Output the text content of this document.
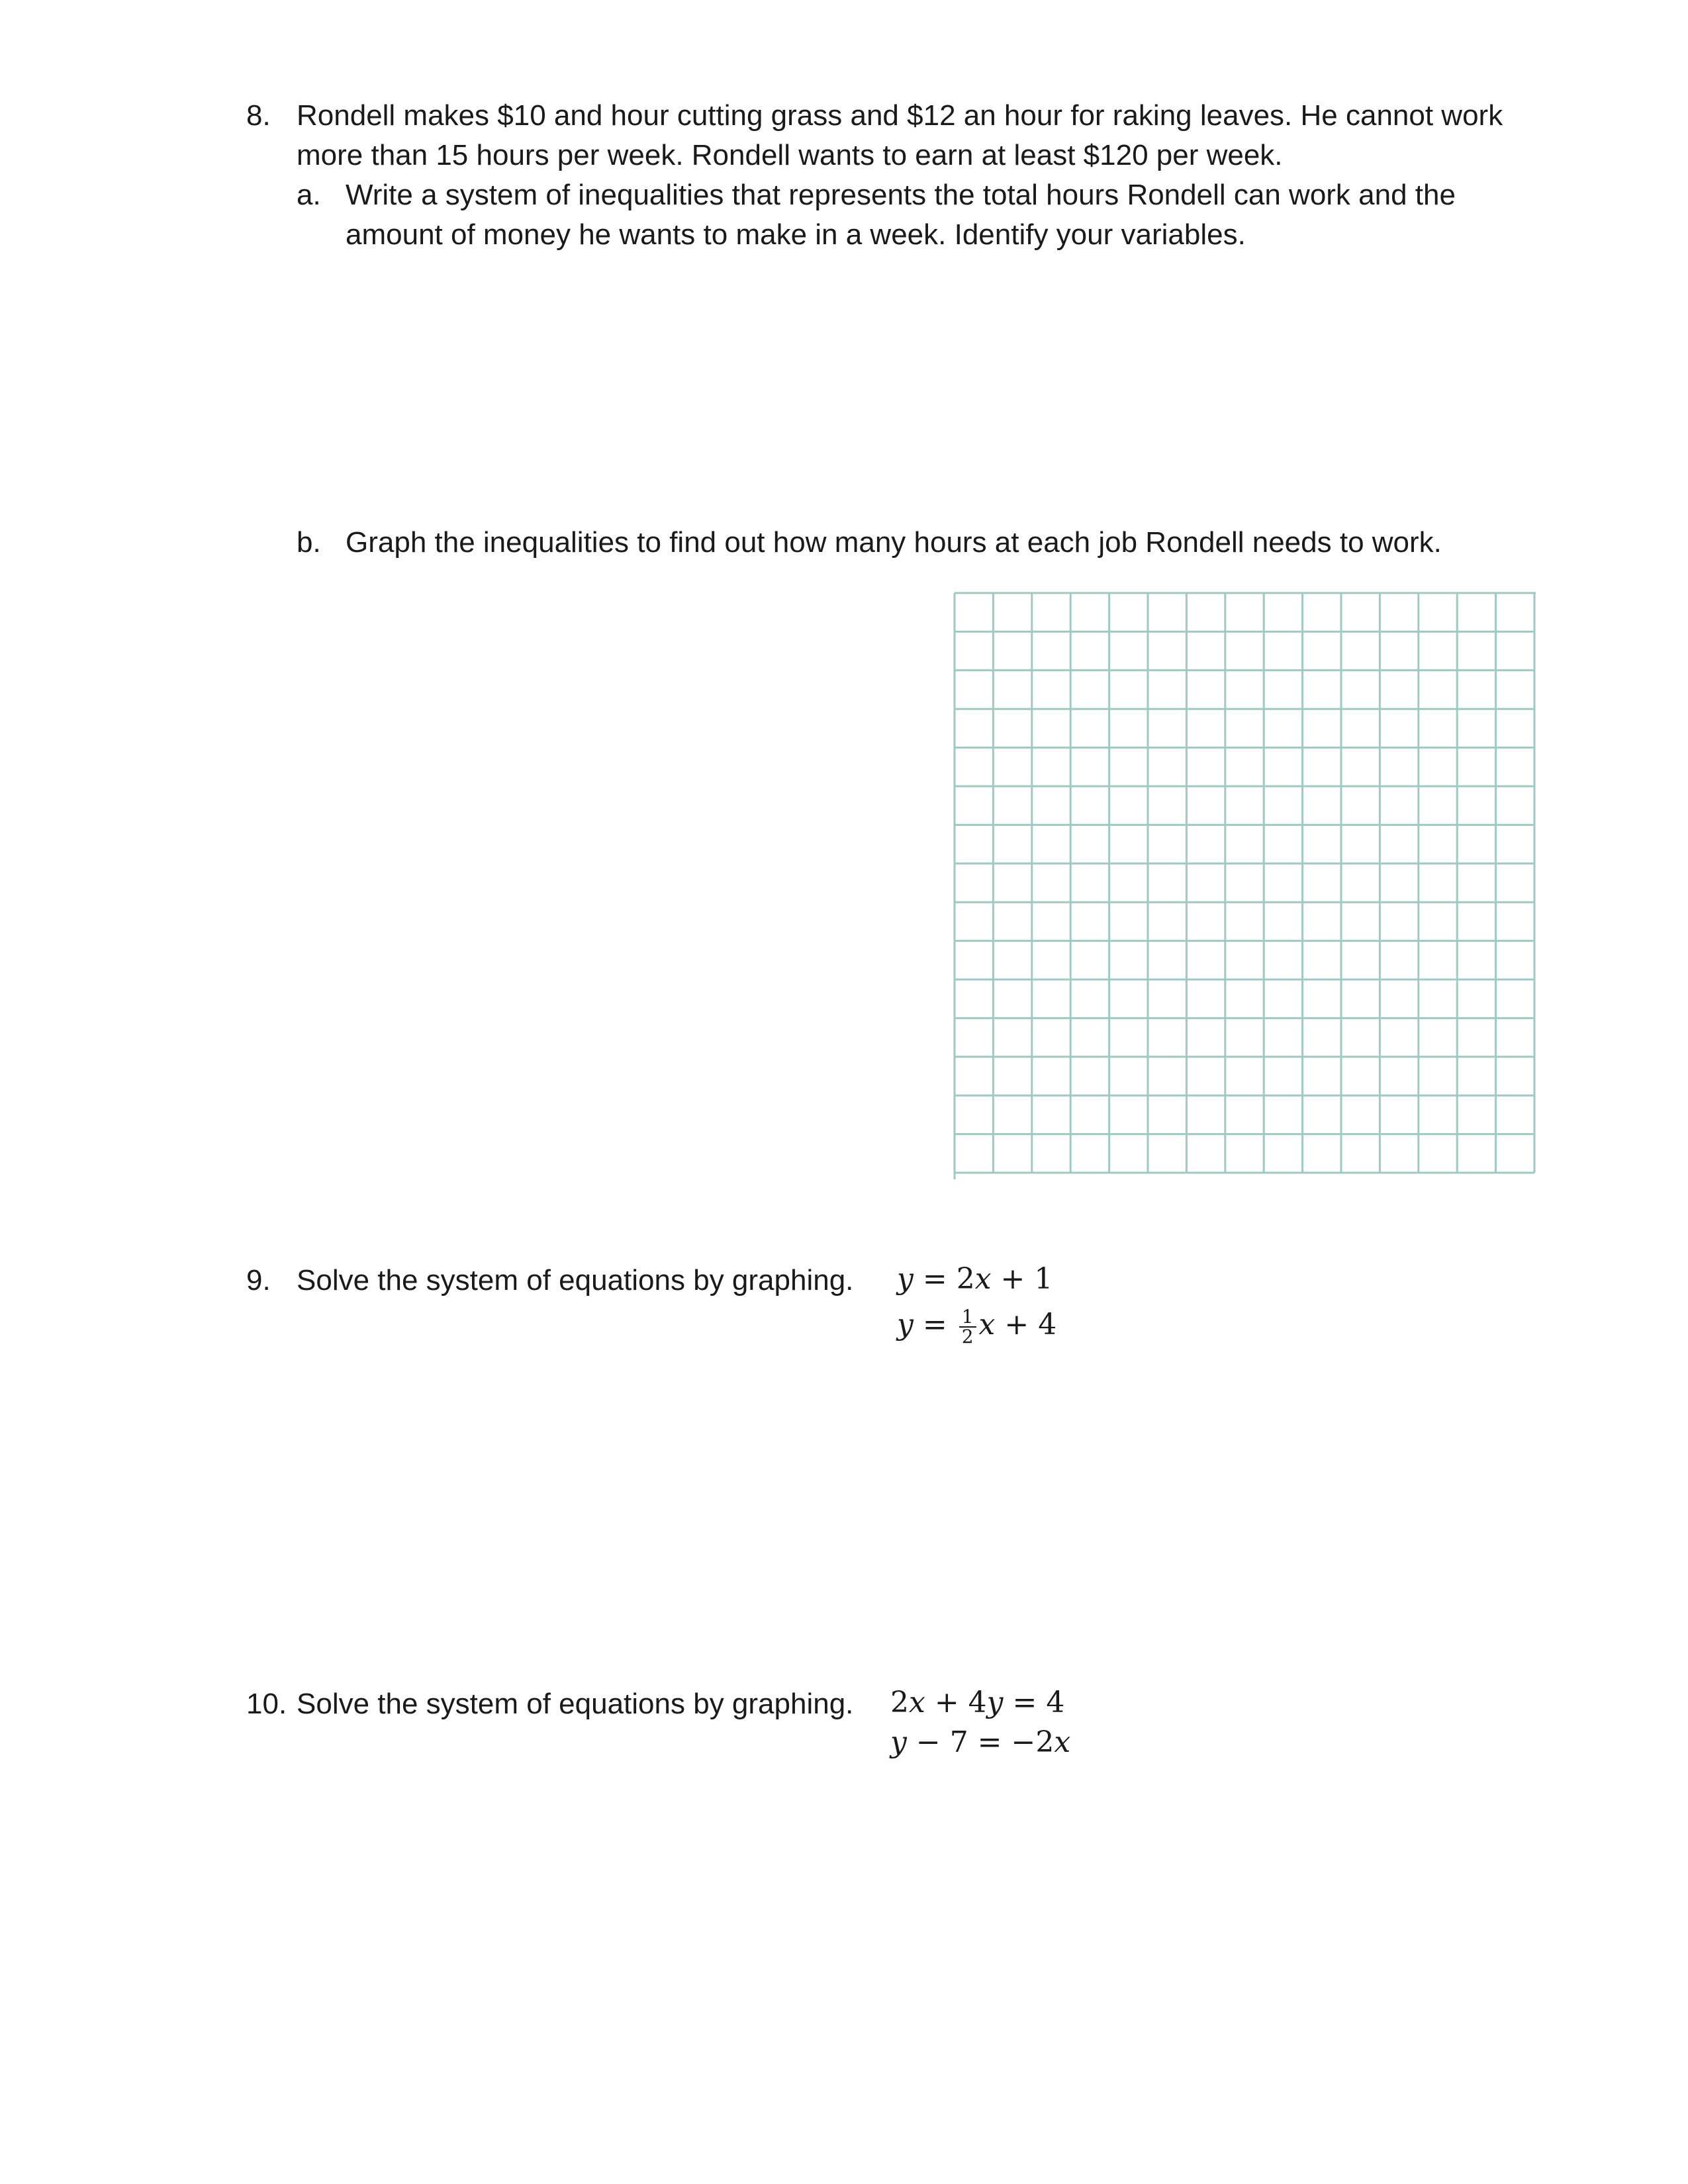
8. Rondell makes $10 and hour cutting grass and $12 an hour for raking leaves. He cannot work
more than 15 hours per week. Rondell wants to earn at least $120 per week.
a. Write a system of inequalities that represents the total hours Rondell can work and the
amount of money he wants to make in a week. Identify your variables.
b. Graph the inequalities to find out how many hours at each job Rondell needs to work.
9. Solve the system of equations by graphing. y = 2x + 1
$y = \frac{1}{2}$ x + 4
10. Solve the system of equations by graphing. 2x + 4y = 4
y − 7 = −2x
